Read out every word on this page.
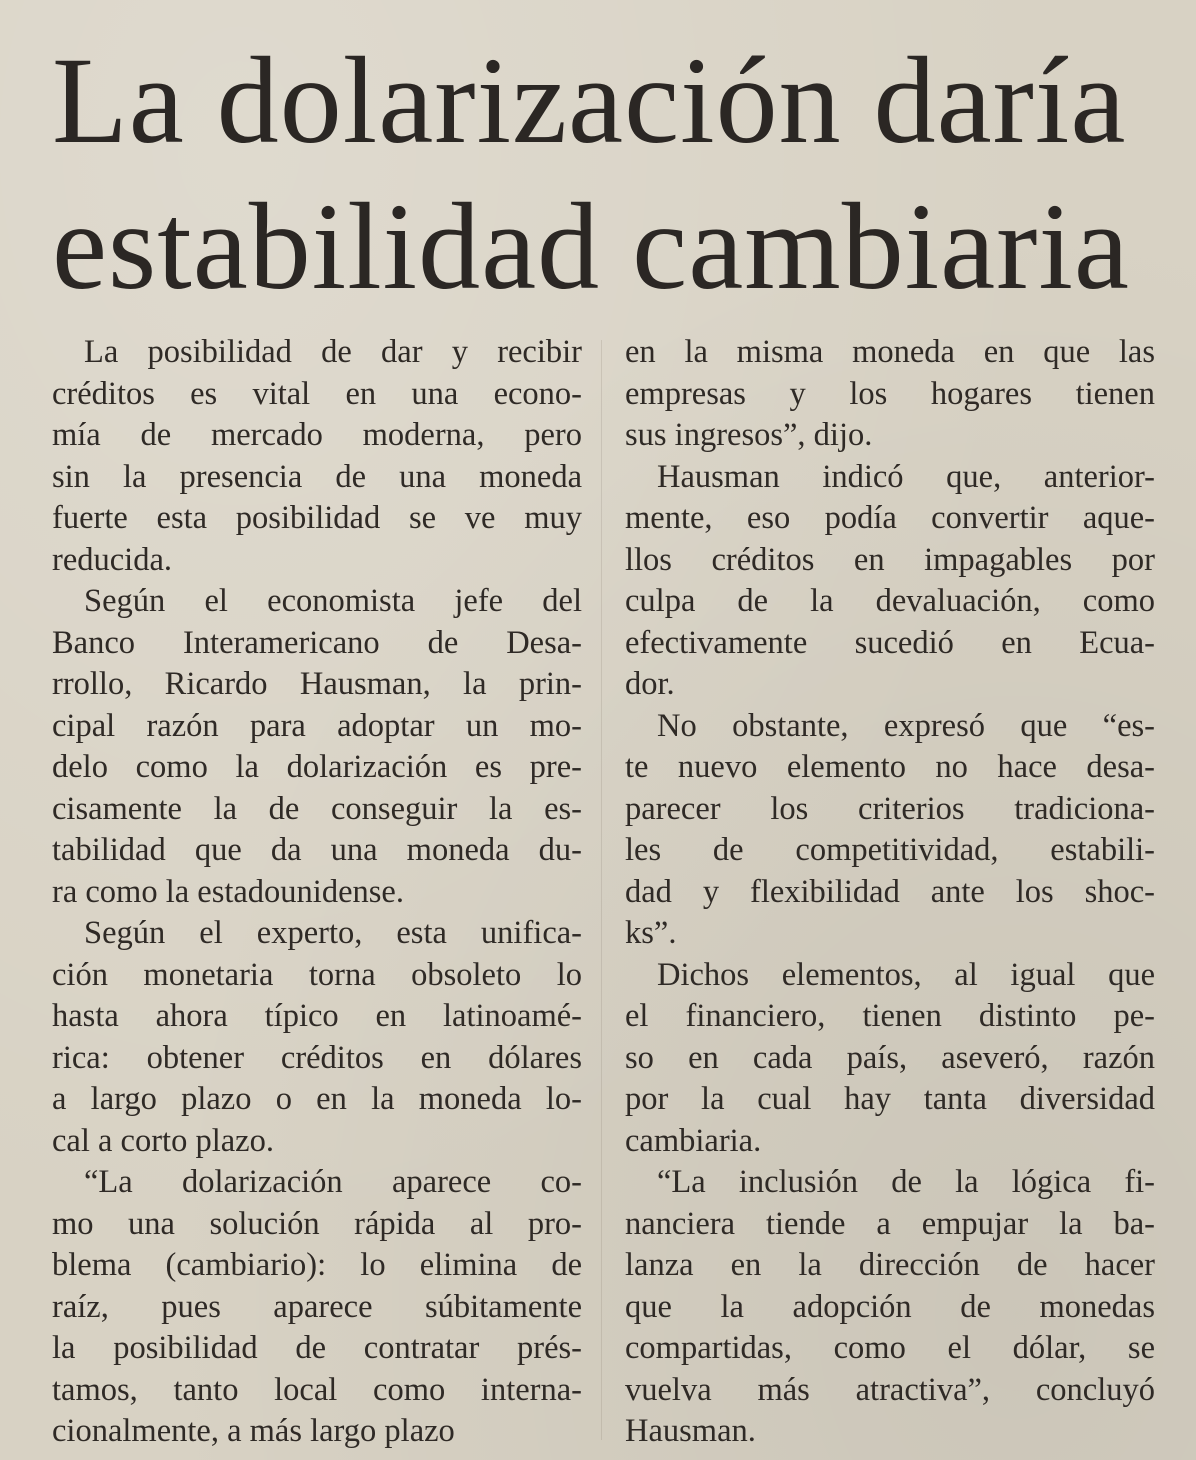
La dolarización daría
estabilidad cambiaria

La posibilidad de dar y recibir
créditos es vital en una econo-
mía de mercado moderna, pero
sin la presencia de una moneda
fuerte esta posibilidad se ve muy
reducida.

Según el economista jefe del
Banco Interamericano de Desa-
rrollo, Ricardo Hausman, la prin-
cipal razón para adoptar un mo-
delo como la dolarización es pre-
cisamente la de conseguir la es-
tabilidad que da una moneda du-
ra como la estadounidense.

Según el experto, esta unifica-
ción monetaria torna obsoleto lo
hasta ahora típico en latinoamé-
rica: obtener créditos en dólares
a largo plazo o en la moneda lo-
cal a corto plazo.

“La dolarización aparece co-
mo una solución rápida al pro-
blema (cambiario): lo elimina de
raíz, pues aparece súbitamente
la posibilidad de contratar prés-
tamos, tanto local como interna-
cionalmente, a más largo plazo

en la misma moneda en que las
empresas y los hogares tienen
sus ingresos”, dijo.

Hausman indicó que, anterior-
mente, eso podía convertir aque-
llos créditos en impagables por
culpa de la devaluación, como
efectivamente sucedió en Ecua-
dor.

No obstante, expresó que “es-
te nuevo elemento no hace desa-
parecer los criterios tradiciona-
les de competitividad, estabili-
dad y flexibilidad ante los shoc-
ks”.

Dichos elementos, al igual que
el financiero, tienen distinto pe-
so en cada país, aseveró, razón
por la cual hay tanta diversidad
cambiaria.

“La inclusión de la lógica fi-
nanciera tiende a empujar la ba-
lanza en la dirección de hacer
que la adopción de monedas
compartidas, como el dólar, se
vuelva más atractiva”, concluyó
Hausman.
